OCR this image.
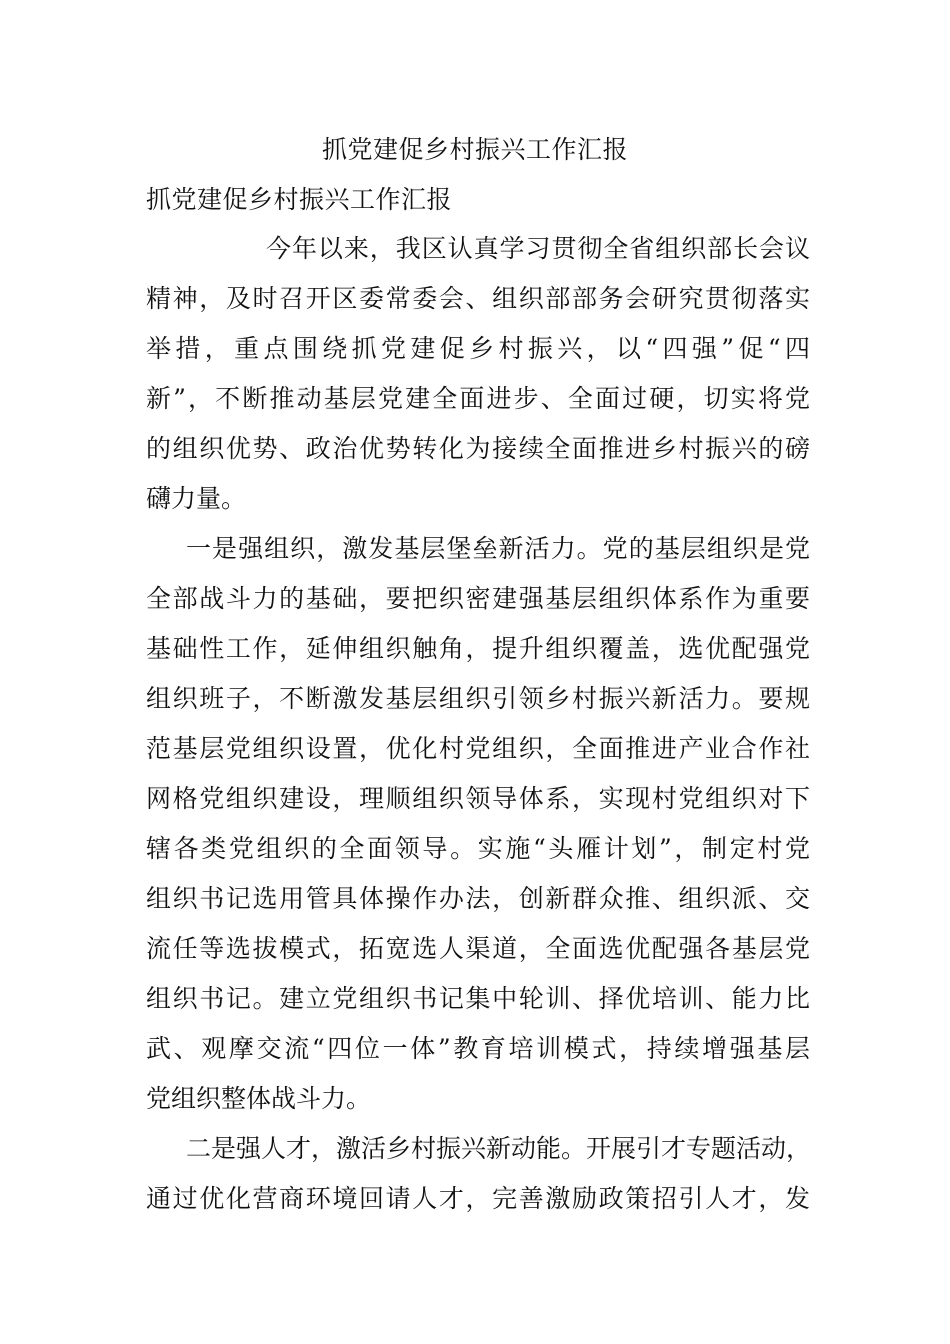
抓党建促乡村振兴工作汇报
抓党建促乡村振兴工作汇报
今年以来，我区认真学习贯彻全省组织部长会议
精神，及时召开区委常委会、组织部部务会研究贯彻落实
举措，重点围绕抓党建促乡村振兴，以“四强”促“四
新”，不断推动基层党建全面进步、全面过硬，切实将党
的组织优势、政治优势转化为接续全面推进乡村振兴的磅
礴力量。
一是强组织，激发基层堡垒新活力。党的基层组织是党
全部战斗力的基础，要把织密建强基层组织体系作为重要
基础性工作，延伸组织触角，提升组织覆盖，选优配强党
组织班子，不断激发基层组织引领乡村振兴新活力。要规
范基层党组织设置，优化村党组织，全面推进产业合作社
网格党组织建设，理顺组织领导体系，实现村党组织对下
辖各类党组织的全面领导。实施“头雁计划”，制定村党
组织书记选用管具体操作办法，创新群众推、组织派、交
流任等选拔模式，拓宽选人渠道，全面选优配强各基层党
组织书记。建立党组织书记集中轮训、择优培训、能力比
武、观摩交流“四位一体”教育培训模式，持续增强基层
党组织整体战斗力。
二是强人才，激活乡村振兴新动能。开展引才专题活动，
通过优化营商环境回请人才，完善激励政策招引人才，发
